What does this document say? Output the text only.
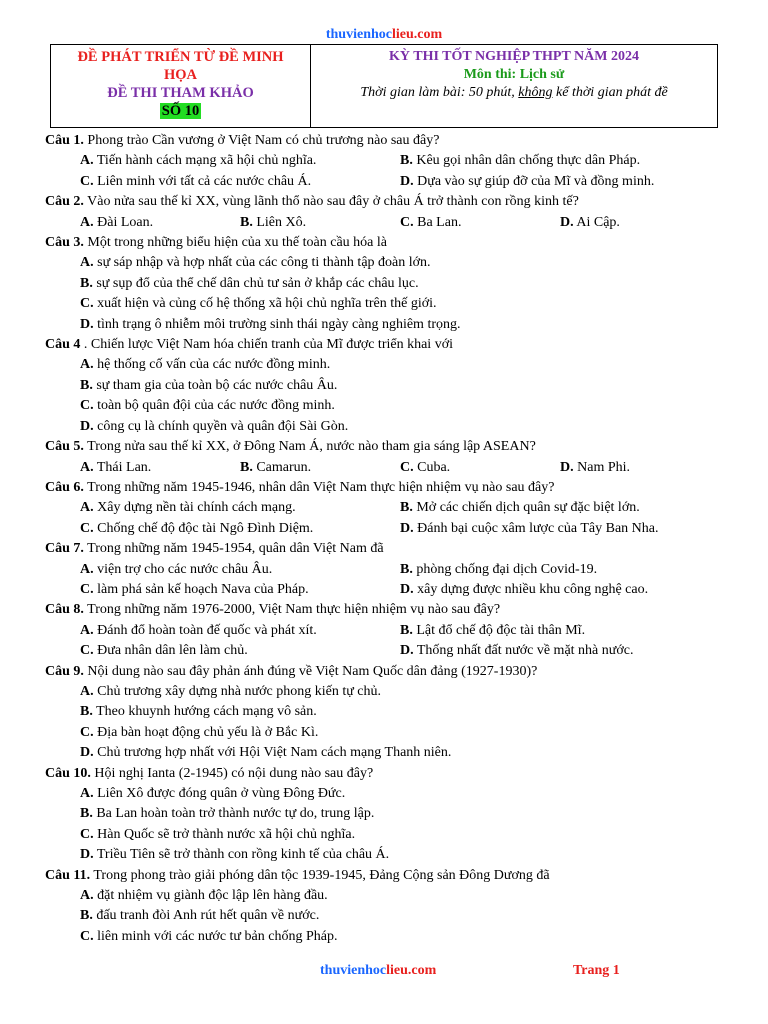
thuvienhoclieu.com
ĐỀ PHÁT TRIỂN TỪ ĐỀ MINH
HỌA
ĐỀ THI THAM KHẢO
SỐ 10
KỲ THI TỐT NGHIỆP THPT NĂM 2024
Môn thi: Lịch sử
Thời gian làm bài: 50 phút, không kể thời gian phát đề
Câu 1. Phong trào Cần vương ở Việt Nam có chủ trương nào sau đây?
A. Tiến hành cách mạng xã hội chủ nghĩa.	B. Kêu gọi nhân dân chống thực dân Pháp.
C. Liên minh với tất cả các nước châu Á.	D. Dựa vào sự giúp đỡ của Mĩ và đồng minh.
Câu 2. Vào nửa sau thế kỉ XX, vùng lãnh thổ nào sau đây ở châu Á trở thành con rồng kinh tế?
A. Đài Loan.	B. Liên Xô.	C. Ba Lan.	D. Ai Cập.
Câu 3. Một trong những biểu hiện của xu thế toàn cầu hóa là
A. sự sáp nhập và hợp nhất của các công ti thành tập đoàn lớn.
B. sự sụp đổ của thể chế dân chủ tư sản ở khắp các châu lục.
C. xuất hiện và củng cố hệ thống xã hội chủ nghĩa trên thế giới.
D. tình trạng ô nhiễm môi trường sinh thái ngày càng nghiêm trọng.
Câu 4 . Chiến lược Việt Nam hóa chiến tranh của Mĩ được triển khai với
A. hệ thống cố vấn của các nước đồng minh.
B. sự tham gia của toàn bộ các nước châu Âu.
C. toàn bộ quân đội của các nước đồng minh.
D. công cụ là chính quyền và quân đội Sài Gòn.
Câu 5. Trong nửa sau thế kỉ XX, ở Đông Nam Á, nước nào tham gia sáng lập ASEAN?
A. Thái Lan.	B. Camarun.	C. Cuba.	D. Nam Phi.
Câu 6. Trong những năm 1945-1946, nhân dân Việt Nam thực hiện nhiệm vụ nào sau đây?
A. Xây dựng nền tài chính cách mạng.	B. Mở các chiến dịch quân sự đặc biệt lớn.
C. Chống chế độ độc tài Ngô Đình Diệm.	D. Đánh bại cuộc xâm lược của Tây Ban Nha.
Câu 7. Trong những năm 1945-1954, quân dân Việt Nam đã
A. viện trợ cho các nước châu Âu.	B. phòng chống đại dịch Covid-19.
C. làm phá sản kế hoạch Nava của Pháp.	D. xây dựng được nhiều khu công nghệ cao.
Câu 8. Trong những năm 1976-2000, Việt Nam thực hiện nhiệm vụ nào sau đây?
A. Đánh đổ hoàn toàn đế quốc và phát xít.	B. Lật đổ chế độ độc tài thân Mĩ.
C. Đưa nhân dân lên làm chủ.	D. Thống nhất đất nước về mặt nhà nước.
Câu 9. Nội dung nào sau đây phản ánh đúng về Việt Nam Quốc dân đảng (1927-1930)?
A. Chủ trương xây dựng nhà nước phong kiến tự chủ.
B. Theo khuynh hướng cách mạng vô sản.
C. Địa bàn hoạt động chủ yếu là ở Bắc Kì.
D. Chủ trương hợp nhất với Hội Việt Nam cách mạng Thanh niên.
Câu 10. Hội nghị Ianta (2-1945) có nội dung nào sau đây?
A. Liên Xô được đóng quân ở vùng Đông Đức.
B. Ba Lan hoàn toàn trở thành nước tự do, trung lập.
C. Hàn Quốc sẽ trở thành nước xã hội chủ nghĩa.
D. Triều Tiên sẽ trở thành con rồng kinh tế của châu Á.
Câu 11. Trong phong trào giải phóng dân tộc 1939-1945, Đảng Cộng sản Đông Dương đã
A. đặt nhiệm vụ giành độc lập lên hàng đầu.
B. đấu tranh đòi Anh rút hết quân về nước.
C. liên minh với các nước tư bản chống Pháp.
thuvienhoclieu.com	Trang 1
